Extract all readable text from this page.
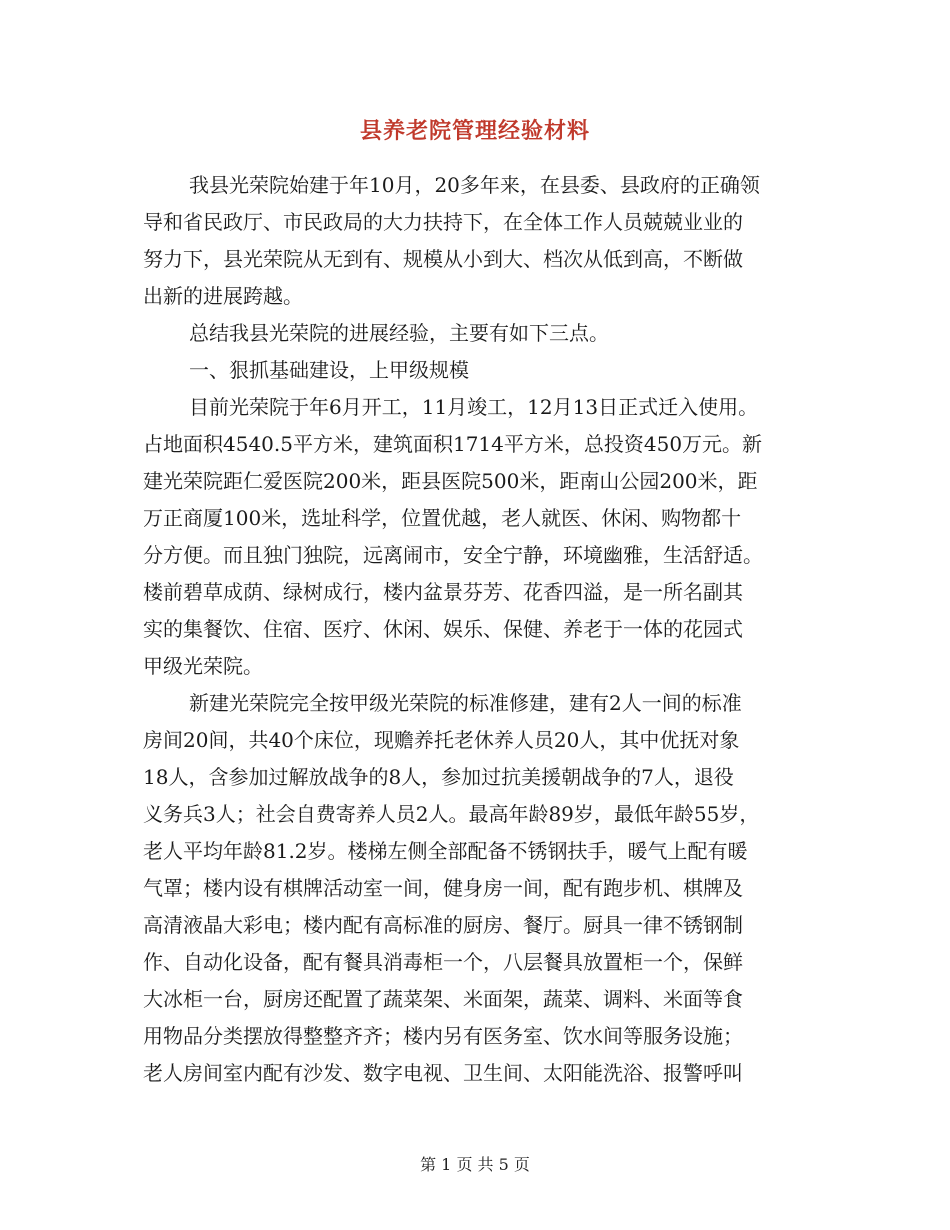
县养老院管理经验材料
我县光荣院始建于年10月，20多年来，在县委、县政府的正确领
导和省民政厅、市民政局的大力扶持下，在全体工作人员兢兢业业的
努力下，县光荣院从无到有、规模从小到大、档次从低到高，不断做
出新的进展跨越。
总结我县光荣院的进展经验，主要有如下三点。
一、狠抓基础建设，上甲级规模
目前光荣院于年6月开工，11月竣工，12月13日正式迁入使用。
占地面积4540.5平方米，建筑面积1714平方米，总投资450万元。新
建光荣院距仁爱医院200米，距县医院500米，距南山公园200米，距
万正商厦100米，选址科学，位置优越，老人就医、休闲、购物都十
分方便。而且独门独院，远离闹市，安全宁静，环境幽雅，生活舒适。
楼前碧草成荫、绿树成行，楼内盆景芬芳、花香四溢，是一所名副其
实的集餐饮、住宿、医疗、休闲、娱乐、保健、养老于一体的花园式
甲级光荣院。
新建光荣院完全按甲级光荣院的标准修建，建有2人一间的标准
房间20间，共40个床位，现赡养托老休养人员20人，其中优抚对象
18人，含参加过解放战争的8人，参加过抗美援朝战争的7人，退役
义务兵3人；社会自费寄养人员2人。最高年龄89岁，最低年龄55岁，
老人平均年龄81.2岁。楼梯左侧全部配备不锈钢扶手，暖气上配有暖
气罩；楼内设有棋牌活动室一间，健身房一间，配有跑步机、棋牌及
高清液晶大彩电；楼内配有高标准的厨房、餐厅。厨具一律不锈钢制
作、自动化设备，配有餐具消毒柜一个，八层餐具放置柜一个，保鲜
大冰柜一台，厨房还配置了蔬菜架、米面架，蔬菜、调料、米面等食
用物品分类摆放得整整齐齐；楼内另有医务室、饮水间等服务设施；
老人房间室内配有沙发、数字电视、卫生间、太阳能洗浴、报警呼叫
第 1 页 共 5 页
